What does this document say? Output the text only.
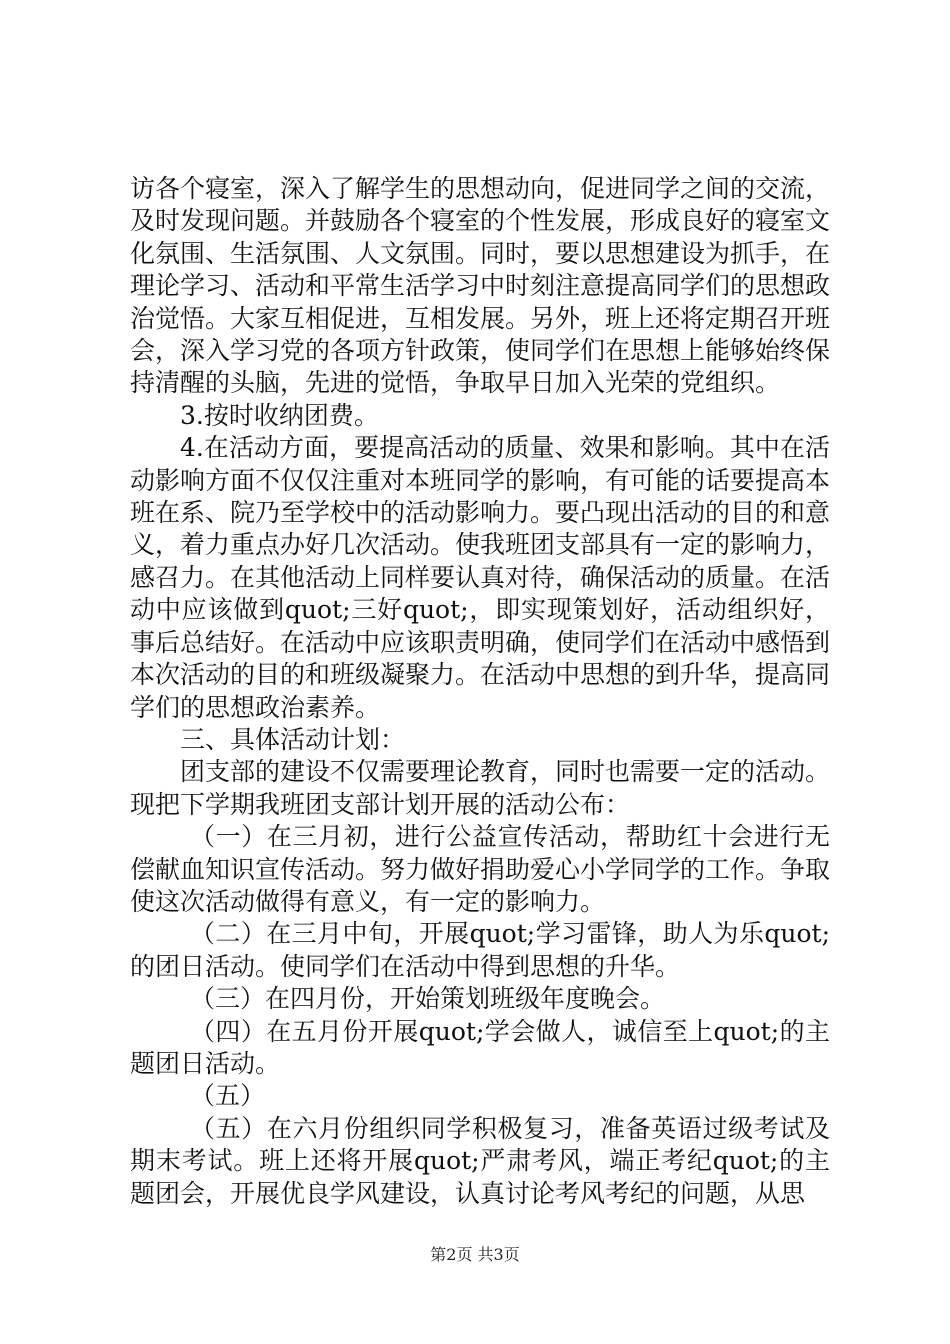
访各个寝室，深入了解学生的思想动向，促进同学之间的交流，及时发现问题。并鼓励各个寝室的个性发展，形成良好的寝室文化氛围、生活氛围、人文氛围。同时，要以思想建设为抓手，在理论学习、活动和平常生活学习中时刻注意提高同学们的思想政治觉悟。大家互相促进，互相发展。另外，班上还将定期召开班会，深入学习党的各项方针政策，使同学们在思想上能够始终保持清醒的头脑，先进的觉悟，争取早日加入光荣的党组织。

3.按时收纳团费。

4.在活动方面，要提高活动的质量、效果和影响。其中在活动影响方面不仅仅注重对本班同学的影响，有可能的话要提高本班在系、院乃至学校中的活动影响力。要凸现出活动的目的和意义，着力重点办好几次活动。使我班团支部具有一定的影响力，感召力。在其他活动上同样要认真对待，确保活动的质量。在活动中应该做到quot;三好quot;，即实现策划好，活动组织好，事后总结好。在活动中应该职责明确，使同学们在活动中感悟到本次活动的目的和班级凝聚力。在活动中思想的到升华，提高同学们的思想政治素养。

三、具体活动计划：

团支部的建设不仅需要理论教育，同时也需要一定的活动。现把下学期我班团支部计划开展的活动公布：

（一）在三月初，进行公益宣传活动，帮助红十会进行无偿献血知识宣传活动。努力做好捐助爱心小学同学的工作。争取使这次活动做得有意义，有一定的影响力。

（二）在三月中旬，开展quot;学习雷锋，助人为乐quot;的团日活动。使同学们在活动中得到思想的升华。

（三）在四月份，开始策划班级年度晚会。

（四）在五月份开展quot;学会做人，诚信至上quot;的主题团日活动。

（五）

（五）在六月份组织同学积极复习，准备英语过级考试及期末考试。班上还将开展quot;严肃考风，端正考纪quot;的主题团会，开展优良学风建设，认真讨论考风考纪的问题，从思

第2页 共3页
